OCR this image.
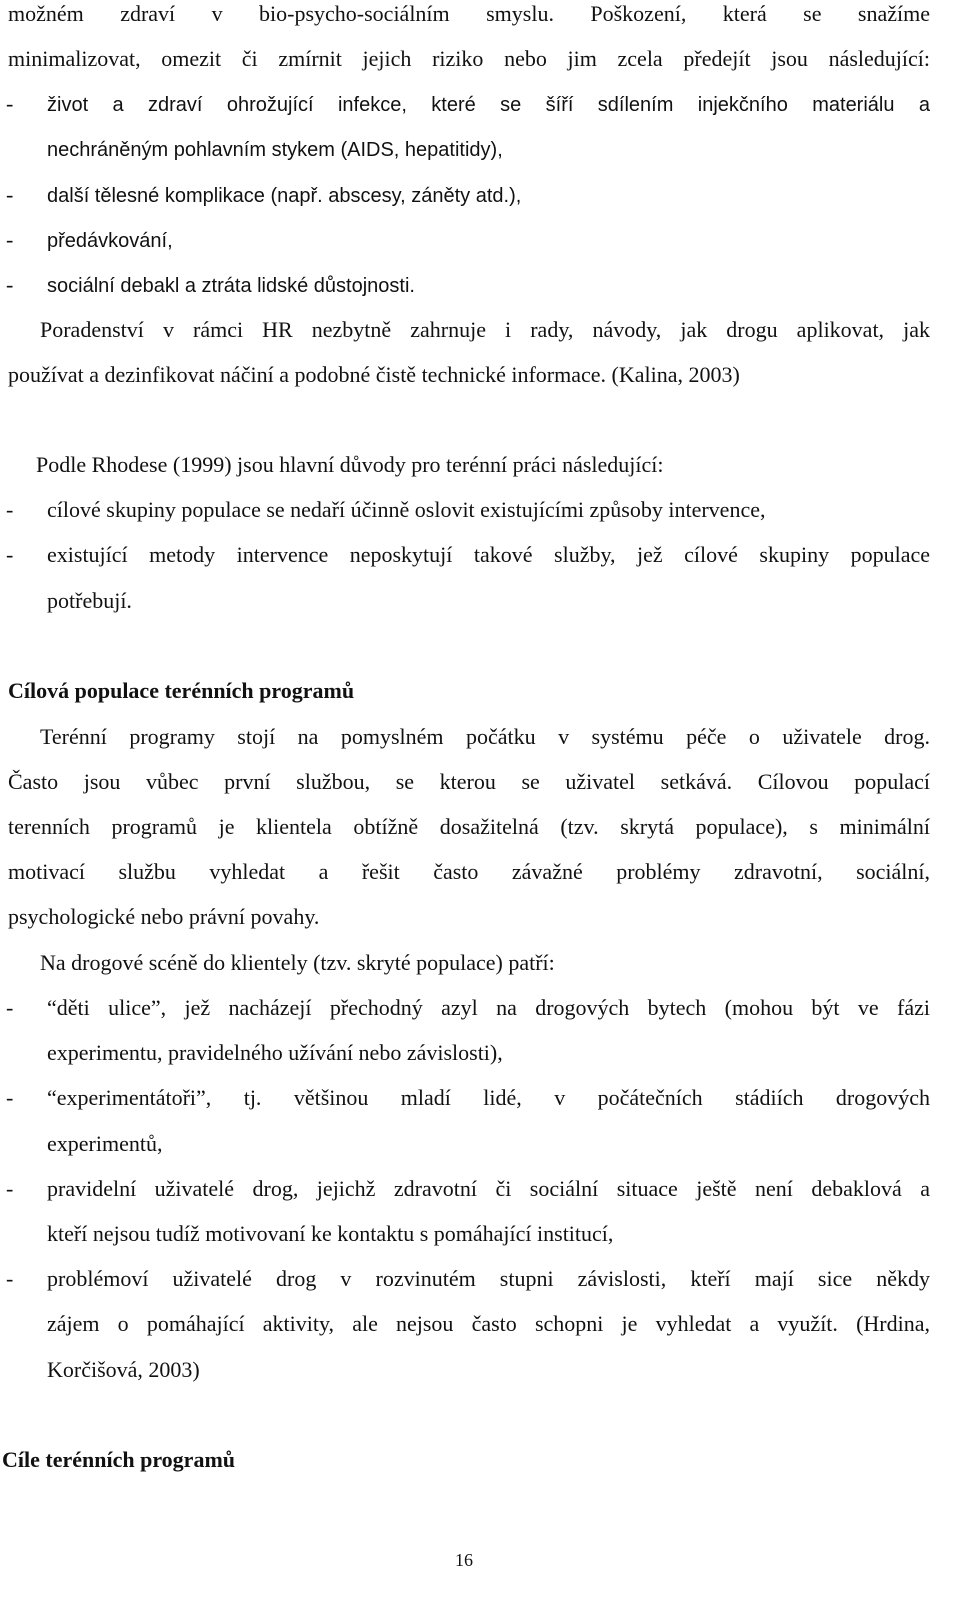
možném zdraví v bio-psycho-sociálním smyslu. Poškození, která se snažíme
minimalizovat, omezit či zmírnit jejich riziko nebo jim zcela předejít jsou následující:
- život a zdraví ohrožující infekce, které se šíří sdílením injekčního materiálu a
nechráněným pohlavním stykem (AIDS, hepatitidy),
- další tělesné komplikace (např. abscesy, záněty atd.),
- předávkování,
- sociální debakl a ztráta lidské důstojnosti.
Poradenství v rámci HR nezbytně zahrnuje i rady, návody, jak drogu aplikovat, jak
používat a dezinfikovat náčiní a podobné čistě technické informace. (Kalina, 2003)
Podle Rhodese (1999) jsou hlavní důvody pro terénní práci následující:
- cílové skupiny populace se nedaří účinně oslovit existujícími způsoby intervence,
- existující metody intervence neposkytují takové služby, jež cílové skupiny populace
potřebují.
Cílová populace terénních programů
Terénní programy stojí na pomyslném počátku v systému péče o uživatele drog.
Často jsou vůbec první službou, se kterou se uživatel setkává. Cílovou populací
terenních programů je klientela obtížně dosažitelná (tzv. skrytá populace), s minimální
motivací službu vyhledat a řešit často závažné problémy zdravotní, sociální,
psychologické nebo právní povahy.
Na drogové scéně do klientely (tzv. skryté populace) patří:
- “děti ulice”, jež nacházejí přechodný azyl na drogových bytech (mohou být ve fázi
experimentu, pravidelného užívání nebo závislosti),
- “experimentátoři”, tj. většinou mladí lidé, v počátečních stádiích drogových
experimentů,
- pravidelní uživatelé drog, jejichž zdravotní či sociální situace ještě není debaklová a
kteří nejsou tudíž motivovaní ke kontaktu s pomáhající institucí,
- problémoví uživatelé drog v rozvinutém stupni závislosti, kteří mají sice někdy
zájem o pomáhající aktivity, ale nejsou často schopni je vyhledat a využít. (Hrdina,
Korčišová, 2003)
Cíle terénních programů
16
